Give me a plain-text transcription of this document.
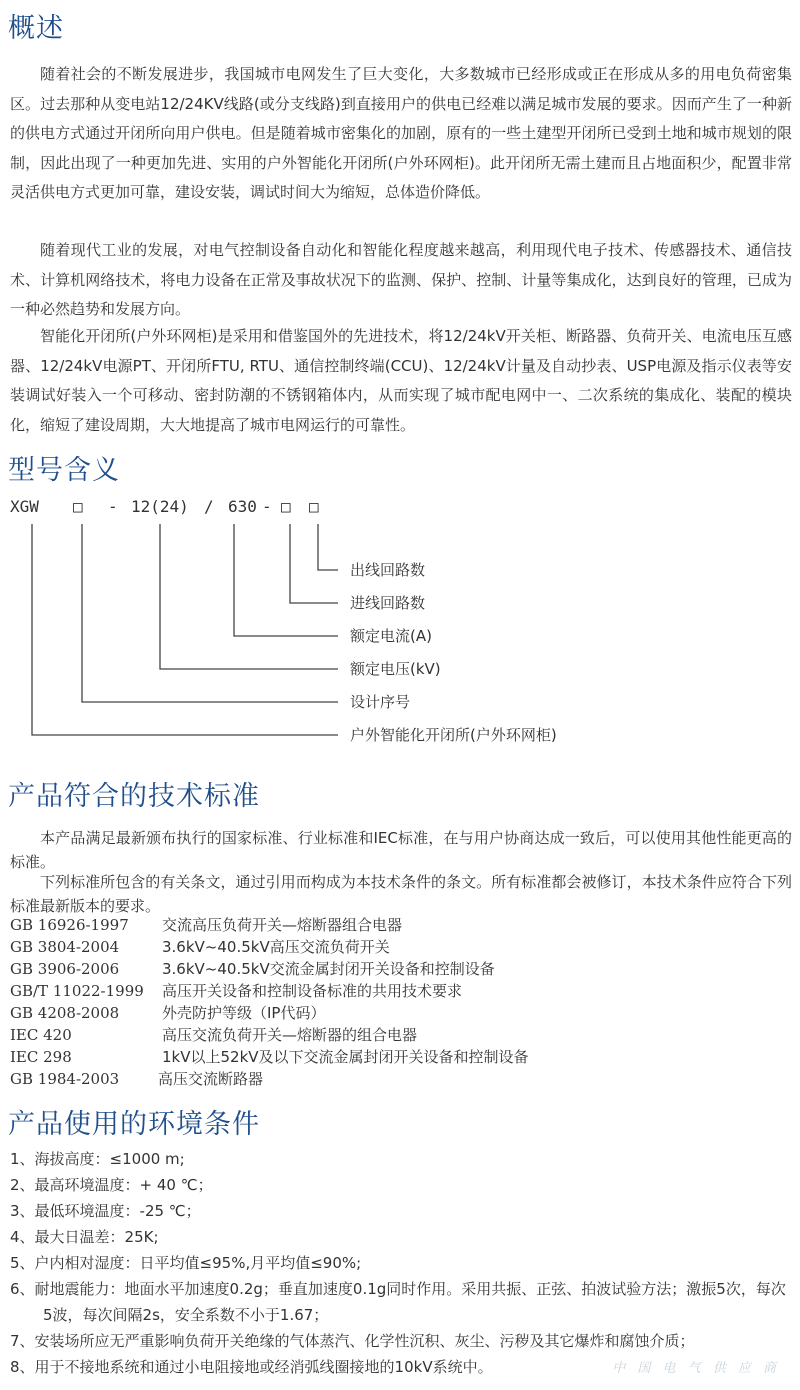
概述

随着社会的不断发展进步，我国城市电网发生了巨大变化，大多数城市已经形成或正在形成从多的用电负荷密集区。过去那种从变电站12/24KV线路(或分支线路)到直接用户的供电已经难以满足城市发展的要求。因而产生了一种新的供电方式通过开闭所向用户供电。但是随着城市密集化的加剧，原有的一些土建型开闭所已受到土地和城市规划的限制，因此出现了一种更加先进、实用的户外智能化开闭所(户外环网柜)。此开闭所无需土建而且占地面积少，配置非常灵活供电方式更加可靠，建设安装，调试时间大为缩短，总体造价降低。

随着现代工业的发展，对电气控制设备自动化和智能化程度越来越高，利用现代电子技术、传感器技术、通信技术、计算机网络技术，将电力设备在正常及事故状况下的监测、保护、控制、计量等集成化，达到良好的管理，已成为一种必然趋势和发展方向。

智能化开闭所(户外环网柜)是采用和借鉴国外的先进技术，将12/24kV开关柜、断路器、负荷开关、电流电压互感器、12/24kV电源PT、开闭所FTU, RTU、通信控制终端(CCU)、12/24kV计量及自动抄表、USP电源及指示仪表等安装调试好装入一个可移动、密封防潮的不锈钢箱体内，从而实现了城市配电网中一、二次系统的集成化、装配的模块化，缩短了建设周期，大大地提高了城市电网运行的可靠性。

型号含义
XGW □ - 12(24) / 630 - □ □
出线回路数
进线回路数
额定电流(A)
额定电压(kV)
设计序号
户外智能化开闭所(户外环网柜)
产品符合的技术标准

本产品满足最新颁布执行的国家标准、行业标准和IEC标准，在与用户协商达成一致后，可以使用其他性能更高的标准。

下列标准所包含的有关条文，通过引用而构成为本技术条件的条文。所有标准都会被修订，本技术条件应符合下列标准最新版本的要求。

GB 16926-1997 交流高压负荷开关—熔断器组合电器
GB 3804-2004	3.6kV~40.5kV高压交流负荷开关
GB 3906-2006	3.6kV~40.5kV交流金属封闭开关设备和控制设备
GB/T 11022-1999 高压开关设备和控制设备标准的共用技术要求
GB 4208-2008	外壳防护等级（IP代码）
IEC 420	高压交流负荷开关—熔断器的组合电器
IEC 298	1kV以上52kV及以下交流金属封闭开关设备和控制设备
GB 1984-2003	高压交流断路器
产品使用的环境条件

1、海拔高度：≤1000 m;

2、最高环境温度：+ 40 ℃；

3、最低环境温度：-25 ℃；

4、最大日温差：25K;

5、户内相对湿度：日平均值≤95%,月平均值≤90%;

6、耐地震能力：地面水平加速度0.2g；垂直加速度0.1g同时作用。采用共振、正弦、拍波试验方法；激振5次，每次5波，每次间隔2s，安全系数不小于1.67；

7、安装场所应无严重影响负荷开关绝缘的气体蒸汽、化学性沉积、灰尘、污秽及其它爆炸和腐蚀介质；

8、用于不接地系统和通过小电阻接地或经消弧线圈接地的10kV系统中。	中 国 电 气 供 应 商
